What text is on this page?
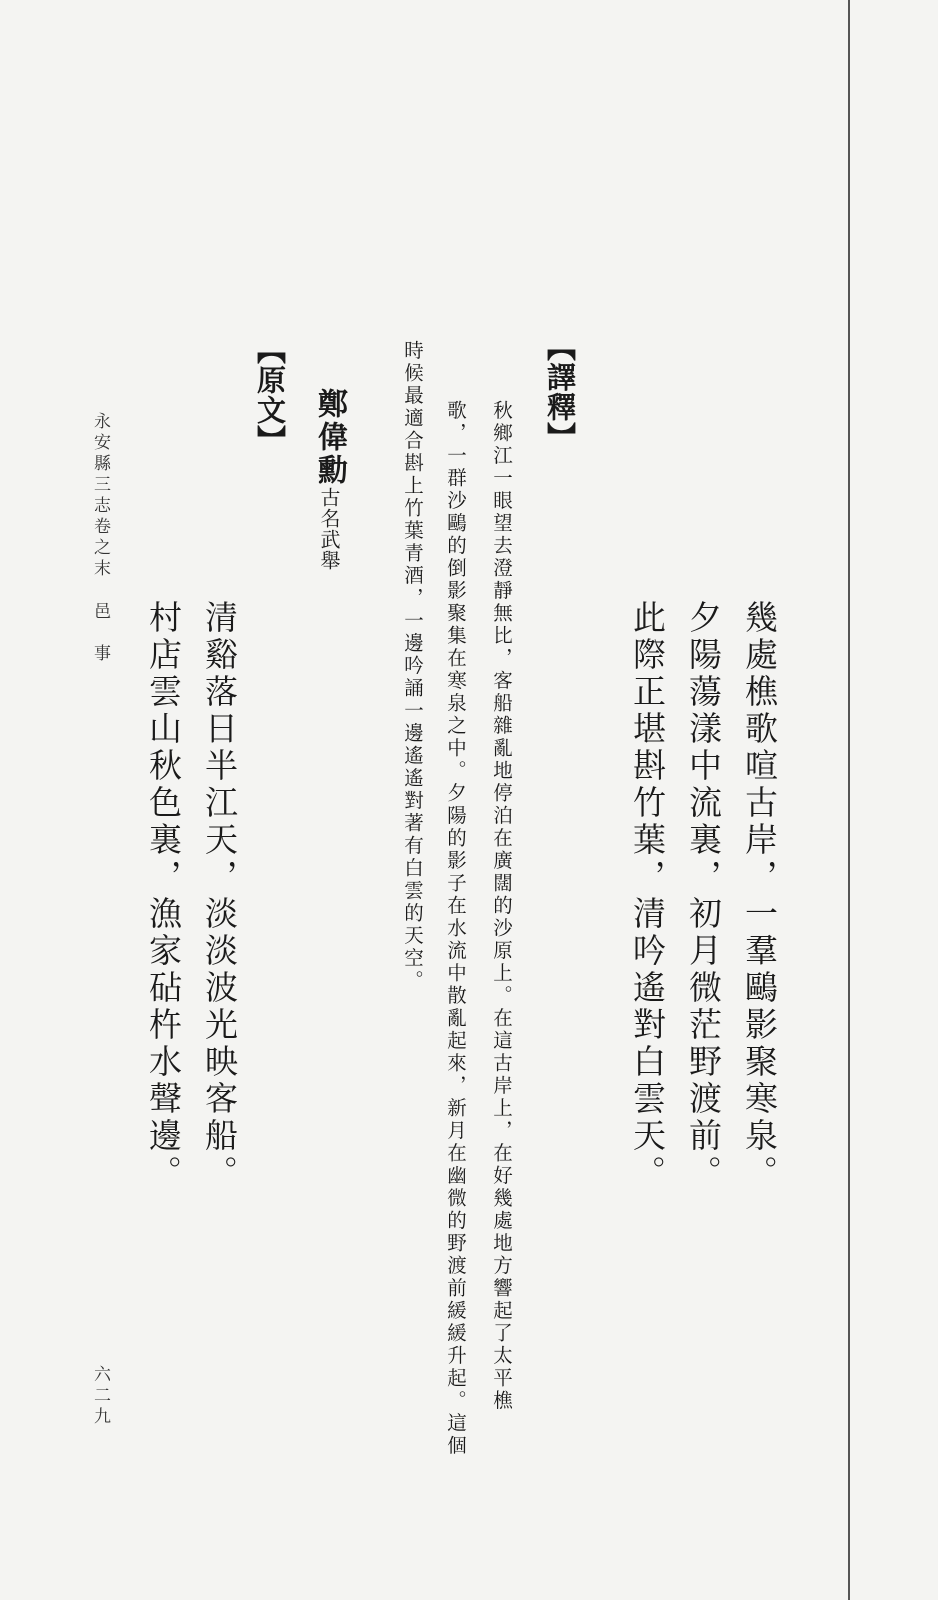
幾處樵歌喧古岸，一羣鷗影聚寒泉。
夕陽蕩漾中流裏，初月微茫野渡前。
此際正堪斟竹葉，清吟遙對白雲天。
【譯釋】
秋鄉江一眼望去澄靜無比，客船雜亂地停泊在廣闊的沙原上。在這古岸上，在好幾處地方響起了太平樵
歌，一群沙鷗的倒影聚集在寒泉之中。夕陽的影子在水流中散亂起來，新月在幽微的野渡前緩緩升起。這個
時候最適合斟上竹葉青酒，一邊吟誦一邊遙遙對著有白雲的天空。
鄭偉勳古名武舉
【原文】
清谿落日半江天，淡淡波光映客船。
村店雲山秋色裏，漁家砧杵水聲邊。
永安縣三志卷之末邑　事
六二九
